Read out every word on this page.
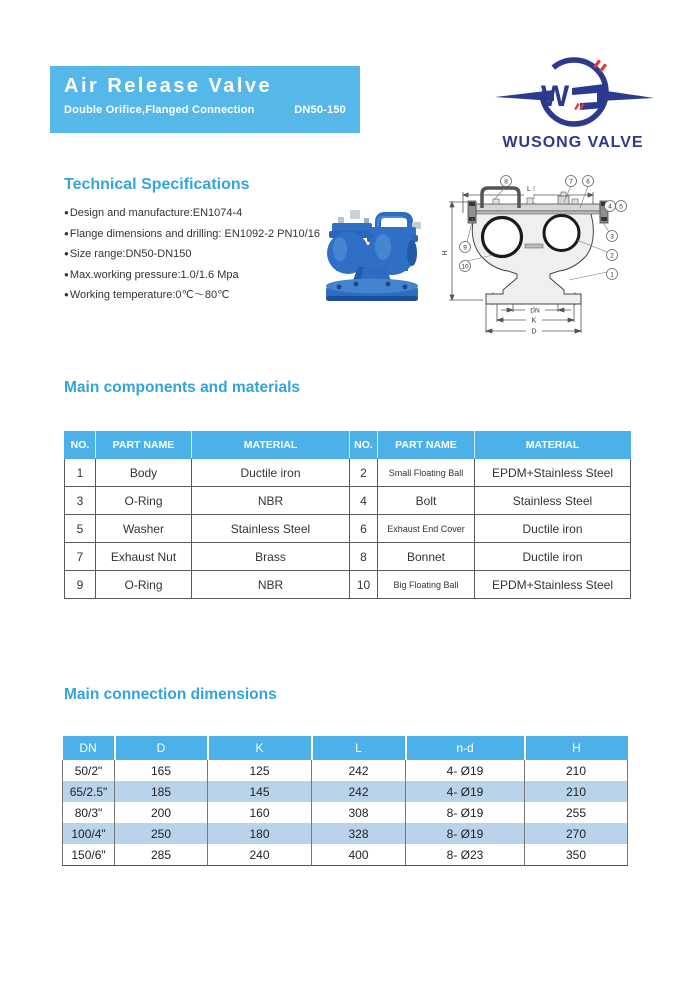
Air Release Valve
Double Orifice,Flanged Connection	DN50-150	W
WUSONG VALVE
Technical Specifications
●Design and manufacture:EN1074-4
●Flange dimensions and drilling: EN1092-2 PN10/16
●Size range:DN50-DN150
●Max.working pressure:1.0/1.6 Mpa
●Working temperature:0℃～80℃
L
H
DN
K
D
8	7 6
4 5
3
2
1
9
10
Main components and materials
NO.	PART NAME	MATERIAL	NO.	PART NAME	MATERIAL
1	Body	Ductile iron	2	Small Floating Ball	EPDM+Stainless Steel
3	O-Ring	NBR	4	Bolt	Stainless Steel
5	Washer	Stainless Steel	6	Exhaust End Cover	Ductile iron
7	Exhaust Nut	Brass	8	Bonnet	Ductile iron
9	O-Ring	NBR	10	Big Floating Ball	EPDM+Stainless Steel
Main connection dimensions
DN	D	K	L	n-d	H
50/2"	165	125	242	4- Ø19	210
65/2.5"	185	145	242	4- Ø19	210
80/3"	200	160	308	8- Ø19	255
100/4"	250	180	328	8- Ø19	270
150/6"	285	240	400	8- Ø23	350
